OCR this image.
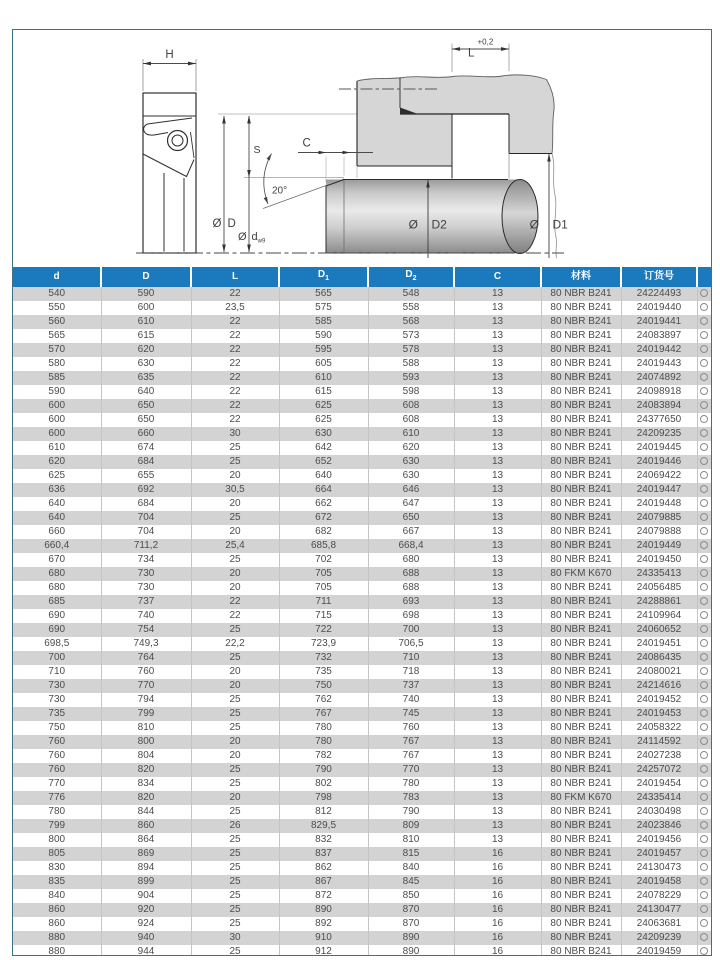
H
Ø D
S
Ø $d_{w9}$
20°
L
+0,2
C
Ø D2	Ø D1
d	D	L	$D_1$	$D_2$	C	材料	订货号	
540	590	22	565	548	13	80 NBR B241	24224493	
550	600	23,5	575	558	13	80 NBR B241	24019440	
560	610	22	585	568	13	80 NBR B241	24019441	
565	615	22	590	573	13	80 NBR B241	24083897	
570	620	22	595	578	13	80 NBR B241	24019442	
580	630	22	605	588	13	80 NBR B241	24019443	
585	635	22	610	593	13	80 NBR B241	24074892	
590	640	22	615	598	13	80 NBR B241	24098918	
600	650	22	625	608	13	80 NBR B241	24083894	
600	650	22	625	608	13	80 NBR B241	24377650	
600	660	30	630	610	13	80 NBR B241	24209235	
610	674	25	642	620	13	80 NBR B241	24019445	
620	684	25	652	630	13	80 NBR B241	24019446	
625	655	20	640	630	13	80 NBR B241	24069422	
636	692	30,5	664	646	13	80 NBR B241	24019447	
640	684	20	662	647	13	80 NBR B241	24019448	
640	704	25	672	650	13	80 NBR B241	24079885	
660	704	20	682	667	13	80 NBR B241	24079888	
660,4	711,2	25,4	685,8	668,4	13	80 NBR B241	24019449	
670	734	25	702	680	13	80 NBR B241	24019450	
680	730	20	705	688	13	80 FKM K670	24335413	
680	730	20	705	688	13	80 NBR B241	24056485	
685	737	22	711	693	13	80 NBR B241	24288861	
690	740	22	715	698	13	80 NBR B241	24109964	
690	754	25	722	700	13	80 NBR B241	24060652	
698,5	749,3	22,2	723,9	706,5	13	80 NBR B241	24019451	
700	764	25	732	710	13	80 NBR B241	24086435	
710	760	20	735	718	13	80 NBR B241	24080021	
730	770	20	750	737	13	80 NBR B241	24214616	
730	794	25	762	740	13	80 NBR B241	24019452	
735	799	25	767	745	13	80 NBR B241	24019453	
750	810	25	780	760	13	80 NBR B241	24058322	
760	800	20	780	767	13	80 NBR B241	24114592	
760	804	20	782	767	13	80 NBR B241	24027238	
760	820	25	790	770	13	80 NBR B241	24257072	
770	834	25	802	780	13	80 NBR B241	24019454	
776	820	20	798	783	13	80 FKM K670	24335414	
780	844	25	812	790	13	80 NBR B241	24030498	
799	860	26	829,5	809	13	80 NBR B241	24023846	
800	864	25	832	810	13	80 NBR B241	24019456	
805	869	25	837	815	16	80 NBR B241	24019457	
830	894	25	862	840	16	80 NBR B241	24130473	
835	899	25	867	845	16	80 NBR B241	24019458	
840	904	25	872	850	16	80 NBR B241	24078229	
860	920	25	890	870	16	80 NBR B241	24130477	
860	924	25	892	870	16	80 NBR B241	24063681	
880	940	30	910	890	16	80 NBR B241	24209239	
880	944	25	912	890	16	80 NBR B241	24019459	
